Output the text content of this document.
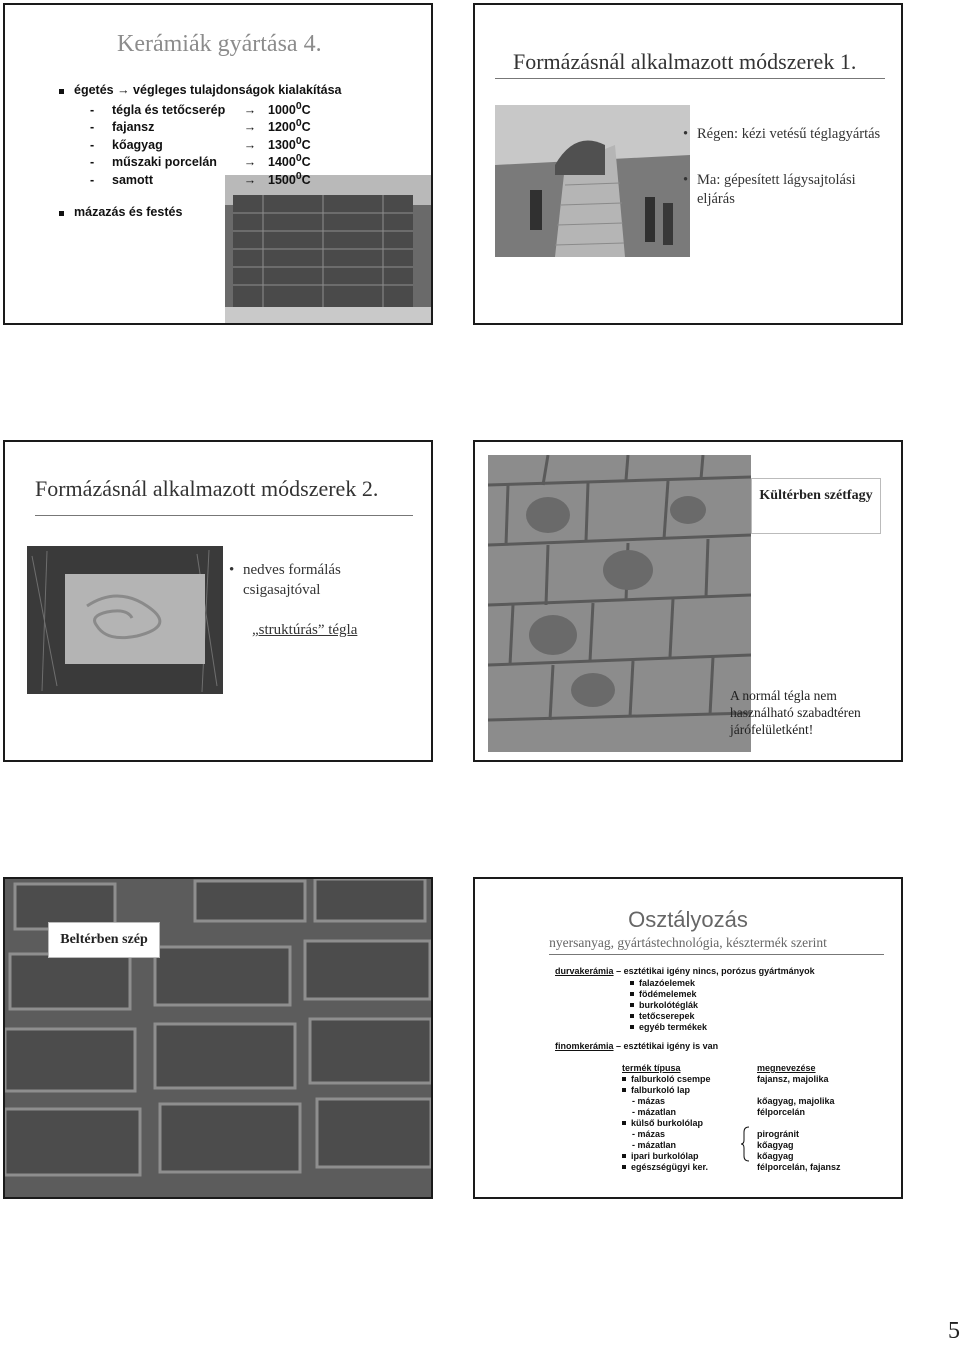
Kerámiák gyártása 4.
égetés → végleges tulajdonságok kialakítása
-	tégla és tetőcserép	→ $1000^0C$
-	fajansz	→ $1200^0C$
-	kőagyag	→ $1300^0C$
-	műszaki porcelán	→ $1400^0C$
-	samott	→ $1500^0C$
mázazás és festés
Formázásnál alkalmazott módszerek 1.
• Régen: kézi vetésű téglagyártás
• Ma: gépesített lágysajtolási eljárás
Formázásnál alkalmazott módszerek 2.
• nedves formálás csigasajtóval
„struktúrás” tégla
Kültérben szétfagy
A normál tégla nem használható szabadtéren járófelületként!
Beltérben szép
Osztályozás
nyersanyag, gyártástechnológia, késztermék szerint
durvakerámia – esztétikai igény nincs, porózus gyártmányok
falazóelemek
födémelemek
burkolótéglák
tetőcserepek
egyéb termékek
finomkerámia – esztétikai igény is van
termék típusa	megnevezése
falburkoló csempe	fajansz, majolika
falburkoló lap
- mázas	kőagyag, majolika
- mázatlan	félporcelán
külső burkolólap
- mázas	pirogránit
- mázatlan	kőagyag
ipari burkolólap	kőagyag
egészségügyi ker.	félporcelán, fajansz
5
